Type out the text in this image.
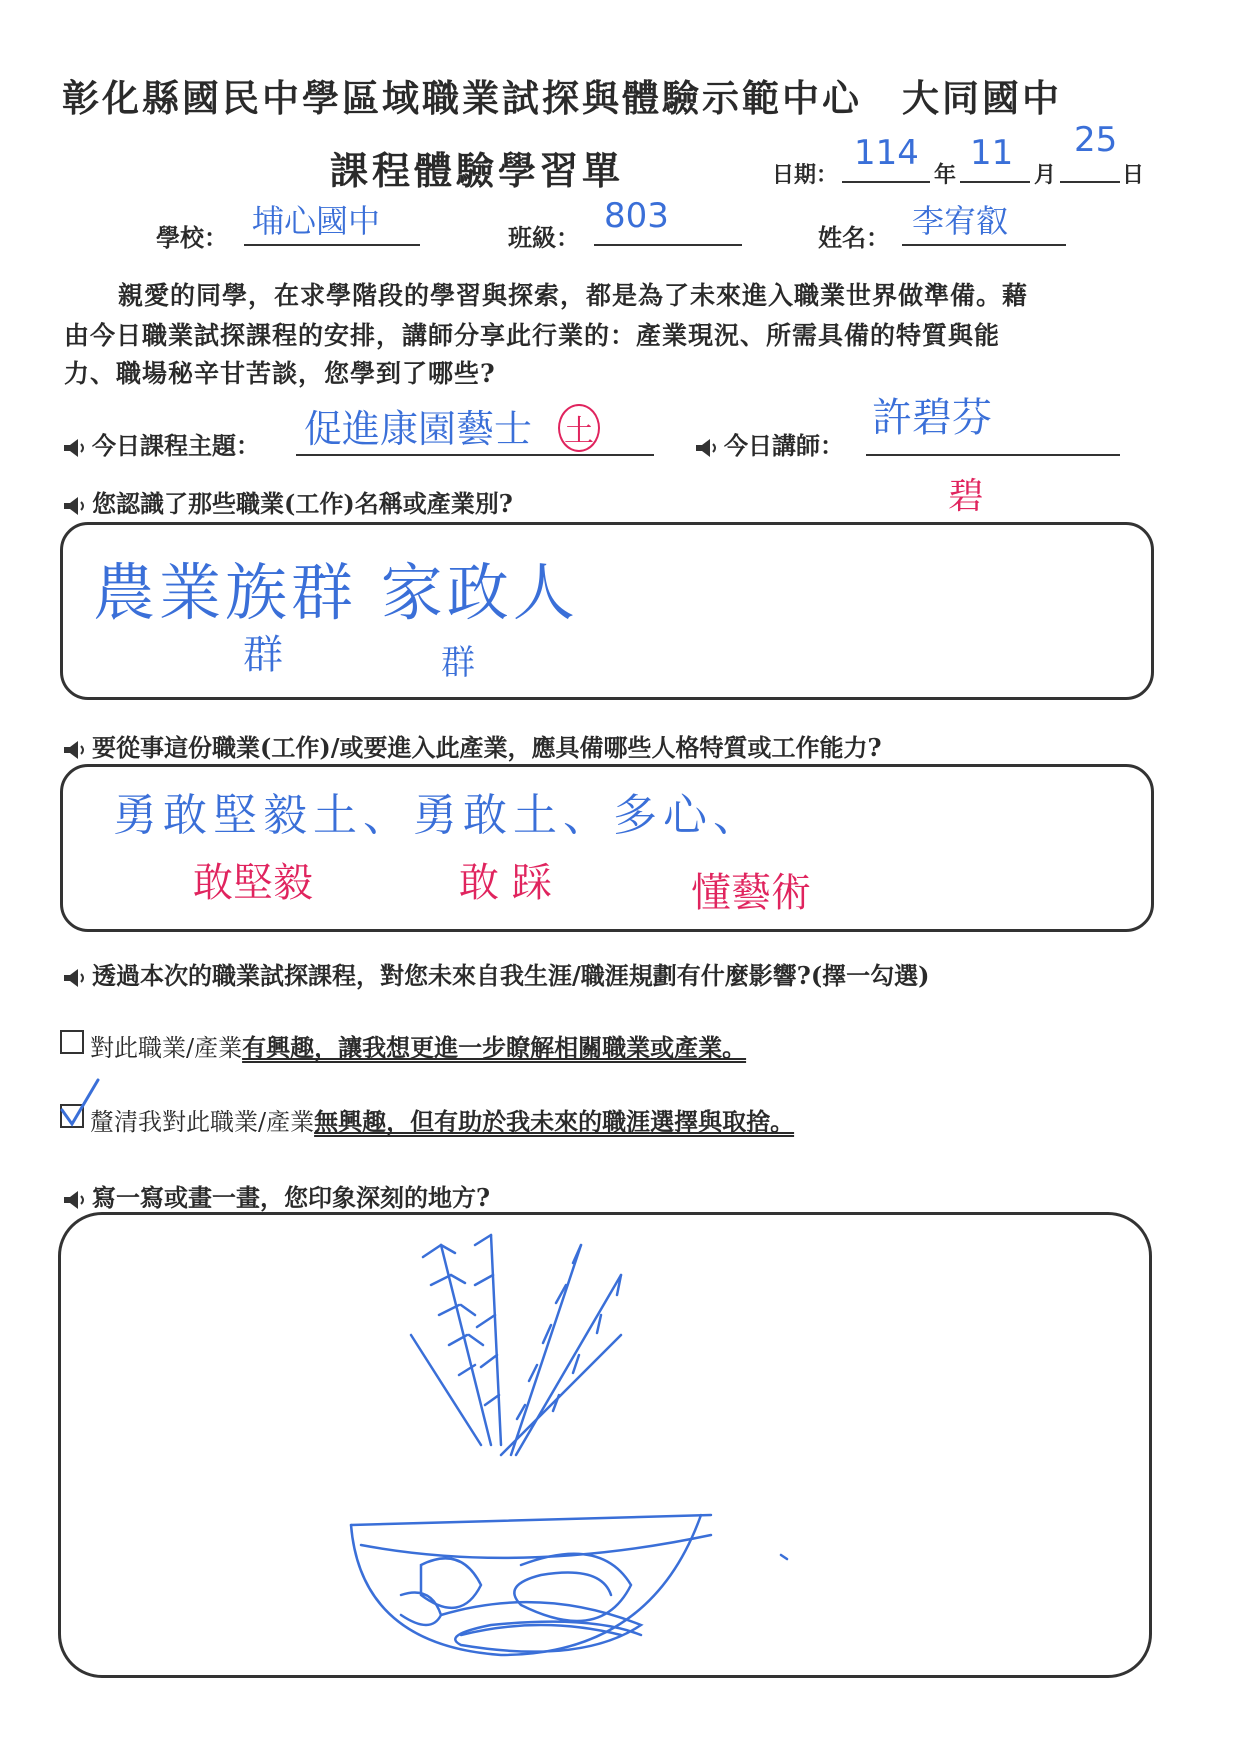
彰化縣國民中學區域職業試探與體驗示範中心　大同國中
課程體驗學習單	日期：
114
年
11
月
25
日
學校： 埔心國中	班級：
803
姓名： 李宥叡
親愛的同學，在求學階段的學習與探索，都是為了未來進入職業世界做準備。藉
由今日職業試探課程的安排，講師分享此行業的：產業現況、所需具備的特質與能
力、職場秘辛甘苦談，您學到了哪些?
今日課程主題： 促進康園藝士 土	今日講師：
許碧芬
碧
您認識了那些職業(工作)名稱或產業別?
農業族群 家政人
群	群
要從事這份職業(工作)/或要進入此產業，應具備哪些人格特質或工作能力?
勇敢堅毅土、勇敢土、多心、
敢堅毅	敢 踩	懂藝術
透過本次的職業試探課程，對您未來自我生涯/職涯規劃有什麼影響?(擇一勾選)
對此職業/產業有興趣，讓我想更進一步瞭解相關職業或產業。
釐清我對此職業/產業無興趣，但有助於我未來的職涯選擇與取捨。
寫一寫或畫一畫，您印象深刻的地方?
